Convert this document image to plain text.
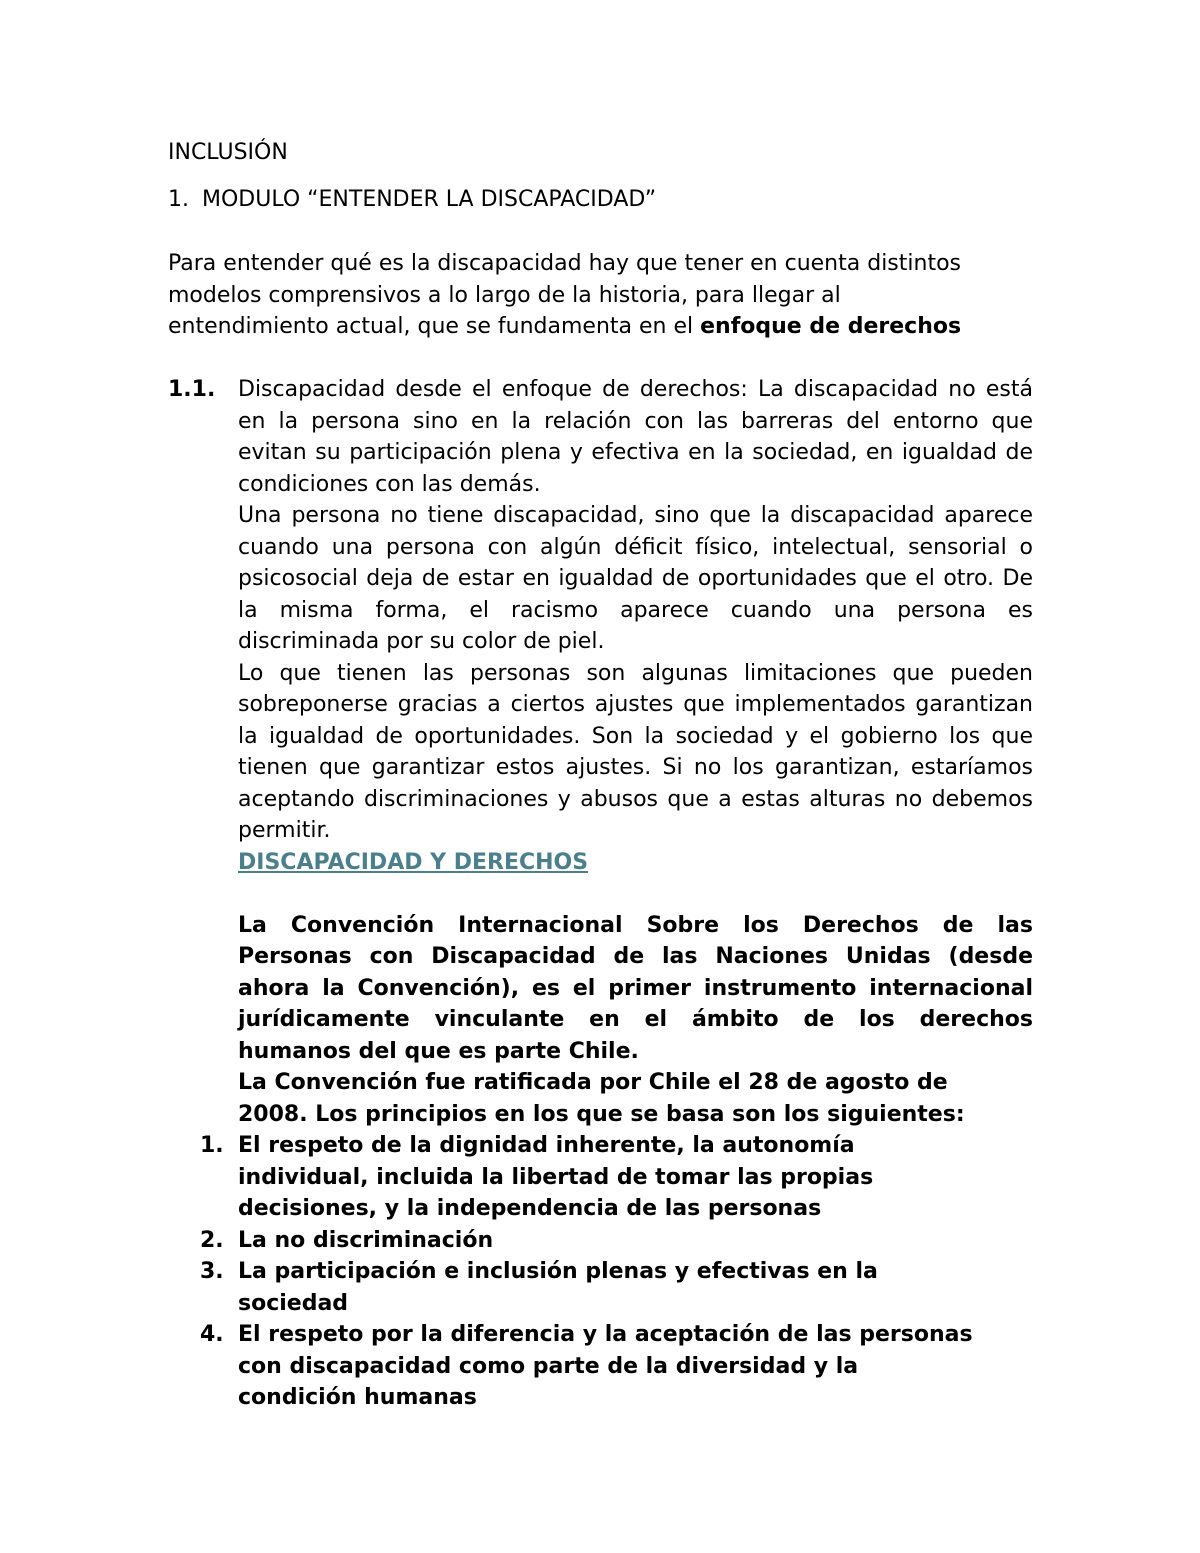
INCLUSIÓN
1. MODULO “ENTENDER LA DISCAPACIDAD”
Para entender qué es la discapacidad hay que tener en cuenta distintos
modelos comprensivos a lo largo de la historia, para llegar al
entendimiento actual, que se fundamenta en el enfoque de derechos
1.1. Discapacidad desde el enfoque de derechos: La discapacidad no está en la persona sino en la relación con las barreras del entorno que evitan su participación plena y efectiva en la sociedad, en igualdad de condiciones con las demás.

Una persona no tiene discapacidad, sino que la discapacidad aparece cuando una persona con algún déficit físico, intelectual, sensorial o psicosocial deja de estar en igualdad de oportunidades que el otro. De la misma forma, el racismo aparece cuando una persona es discriminada por su color de piel.

Lo que tienen las personas son algunas limitaciones que pueden sobreponerse gracias a ciertos ajustes que implementados garantizan la igualdad de oportunidades. Son la sociedad y el gobierno los que tienen que garantizar estos ajustes. Si no los garantizan, estaríamos aceptando discriminaciones y abusos que a estas alturas no debemos permitir.

DISCAPACIDAD Y DERECHOS

La Convención Internacional Sobre los Derechos de las Personas con Discapacidad de las Naciones Unidas (desde ahora la Convención), es el primer instrumento internacional jurídicamente vinculante en el ámbito de los derechos humanos del que es parte Chile.

La Convención fue ratificada por Chile el 28 de agosto de
2008. Los principios en los que se basa son los siguientes:

1. El respeto de la dignidad inherente, la autonomía
individual, incluida la libertad de tomar las propias
decisiones, y la independencia de las personas
2. La no discriminación
3. La participación e inclusión plenas y efectivas en la
sociedad
4. El respeto por la diferencia y la aceptación de las personas
con discapacidad como parte de la diversidad y la
condición humanas
